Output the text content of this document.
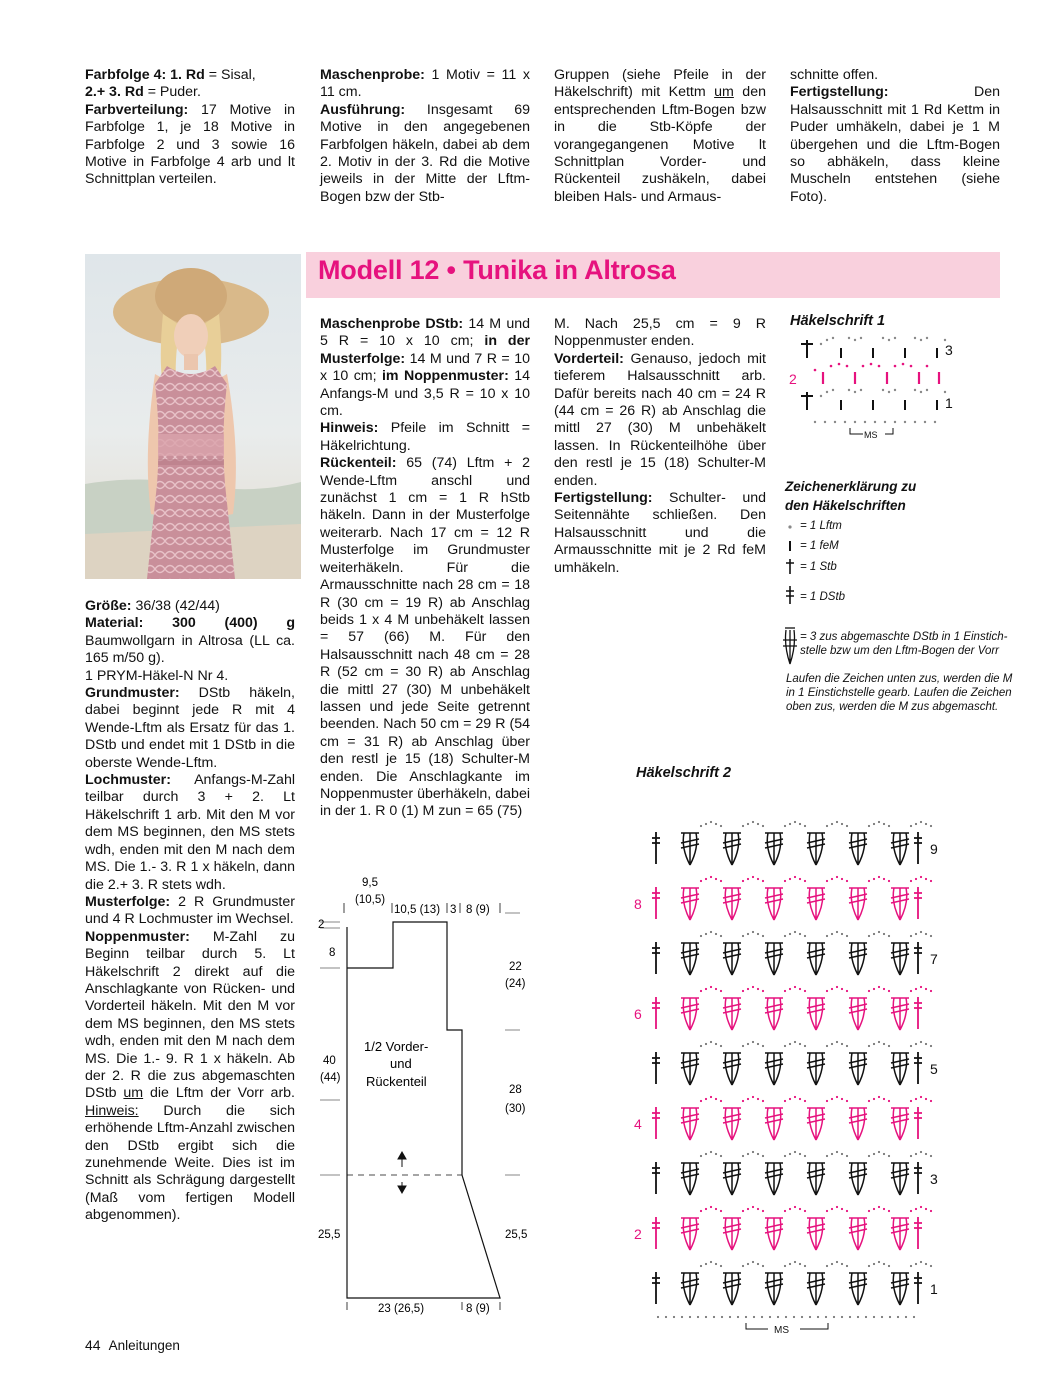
Farbfolge 4: 1. Rd = Sisal,

2.+ 3. Rd = Puder.

Farbverteilung: 17 Motive in Farbfolge 1, je 18 Motive in Farbfolge 2 und 3 sowie 16 Motive in Farbfolge 4 arb und lt Schnittplan verteilen.

Maschenprobe: 1 Motiv = 11 x 11 cm.

Ausführung: Insgesamt 69 Motive in den angegebenen Farbfolgen häkeln, dabei ab dem 2. Motiv in der 3. Rd die Motive jeweils in der Mitte der Lftm-Bogen bzw der Stb-

Gruppen (siehe Pfeile in der Häkelschrift) mit Kettm um den entsprechenden Lftm-Bogen bzw in die Stb-Köpfe der vorangegangenen Motive lt Schnittplan Vorder- und Rückenteil zushäkeln, dabei bleiben Hals- und Armaus-

schnitte offen.

Fertigstellung: Den Halsausschnitt mit 1 Rd Kettm in Puder umhäkeln, dabei je 1 M übergehen und die Lftm-Bogen so abhäkeln, dass kleine Muscheln entstehen (siehe Foto).

Modell 12 • Tunika in Altrosa

Größe: 36/38 (42/44)

Material: 300 (400) g Baumwollgarn in Altrosa (LL ca. 165 m/50 g).

1 PRYM-Häkel-N Nr 4.

Grundmuster: DStb häkeln, dabei beginnt jede R mit 4 Wende-Lftm als Ersatz für das 1. DStb und endet mit 1 DStb in die oberste Wende-Lftm.

Lochmuster: Anfangs-M-Zahl teilbar durch 3 + 2. Lt Häkelschrift 1 arb. Mit den M vor dem MS beginnen, den MS stets wdh, enden mit den M nach dem MS. Die 1.- 3. R 1 x häkeln, dann die 2.+ 3. R stets wdh.

Musterfolge: 2 R Grundmuster und 4 R Lochmuster im Wechsel.

Noppenmuster: M-Zahl zu Beginn teilbar durch 5. Lt Häkelschrift 2 direkt auf die Anschlagkante von Rücken- und Vorderteil häkeln. Mit den M vor dem MS beginnen, den MS stets wdh, enden mit den M nach dem MS. Die 1.- 9. R 1 x häkeln. Ab der 2. R die zus abgemaschten DStb um die Lftm der Vorr arb. Hinweis: Durch die sich erhöhende Lftm-Anzahl zwischen den DStb ergibt sich die zunehmende Weite. Dies ist im Schnitt als Schrägung dargestellt (Maß vom fertigen Modell abgenommen).

Maschenprobe DStb: 14 M und 5 R = 10 x 10 cm; in der Musterfolge: 14 M und 7 R = 10 x 10 cm; im Noppenmuster: 14 Anfangs-M und 3,5 R = 10 x 10 cm.

Hinweis: Pfeile im Schnitt = Häkelrichtung.

Rückenteil: 65 (74) Lftm + 2 Wende-Lftm anschl und zunächst 1 cm = 1 R hStb häkeln. Dann in der Musterfolge weiterarb. Nach 17 cm = 12 R Musterfolge im Grundmuster weiterhäkeln. Für die Armausschnitte nach 28 cm = 18 R (30 cm = 19 R) ab Anschlag beids 1 x 4 M unbehäkelt lassen = 57 (66) M. Für den Halsausschnitt nach 48 cm = 28 R (52 cm = 30 R) ab Anschlag die mittl 27 (30) M unbehäkelt lassen und jede Seite getrennt beenden. Nach 50 cm = 29 R (54 cm = 31 R) ab Anschlag über den restl je 15 (18) Schulter-M enden. Die Anschlagkante im Noppenmuster überhäkeln, dabei in der 1. R 0 (1) M zun = 65 (75)

M. Nach 25,5 cm = 9 R Noppenmuster enden.

Vorderteil: Genauso, jedoch mit tieferem Halsausschnitt arb. Dafür bereits nach 40 cm = 24 R (44 cm = 26 R) ab Anschlag die mittl 27 (30) M unbehäkelt lassen. In Rückenteilhöhe über den restl je 15 (18) Schulter-M enden.

Fertigstellung: Schulter- und Seitennähte schließen. Den Halsausschnitt und die Armausschnitte mit je 2 Rd feM umhäkeln.

Häkelschrift 1
MS
3
2
1
Zeichenerklärung zu
den Häkelschriften
= 1 Lftm
= 1 feM
= 1 Stb
= 1 DStb
= 3 zus abgemaschte DStb in 1 Einstich-
stelle bzw um den Lftm-Bogen der Vorr
Laufen die Zeichen unten zus, werden die M in 1 Einstichstelle gearb. Laufen die Zeichen oben zus, werden die M zus abgemascht.
Häkelschrift 2
9
8
7
6
5
4
3
2
1
MS
9,5
(10,5)
10,5 (13) 3 8 (9)
2
8
22
(24)
40
(44)
28
(30)
25,5	25,5
23 (26,5)	8 (9)
1/2 Vorder-
und
Rückenteil
44 Anleitungen
